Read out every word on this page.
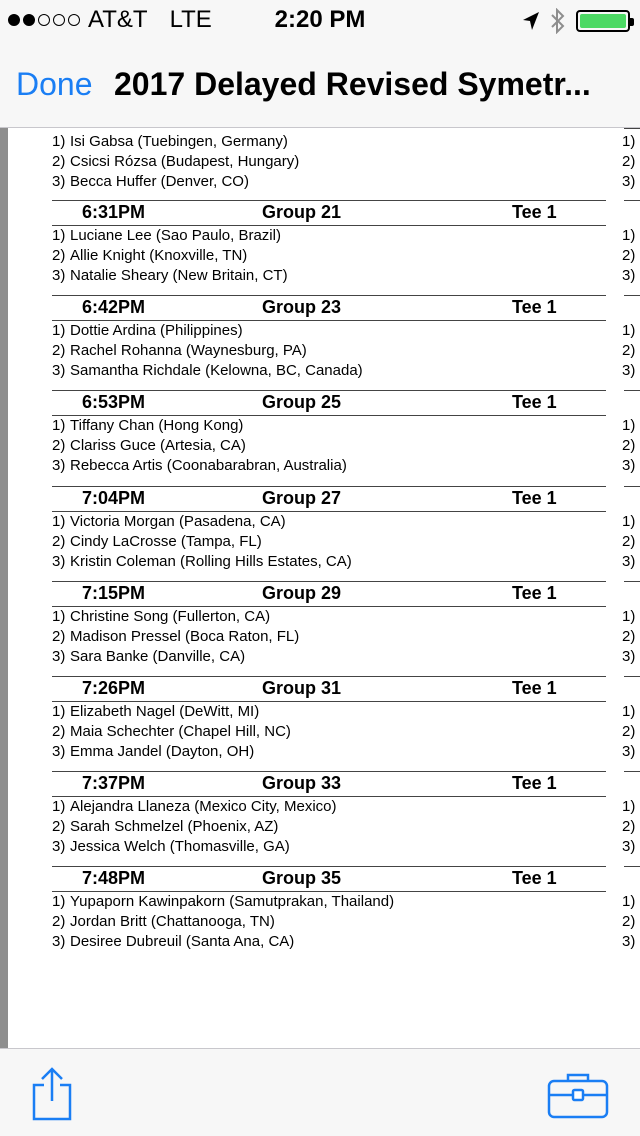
AT&T LTE	2:20 PM
Done 2017 Delayed Revised Symetr...
1) Isi Gabsa (Tuebingen, Germany)
2) Csicsi Rózsa (Budapest, Hungary)
3) Becca Huffer (Denver, CO)
1)
2)
3)
6:31PM	Group 21	Tee 1
1) Luciane Lee (Sao Paulo, Brazil)
2) Allie Knight (Knoxville, TN)
3) Natalie Sheary (New Britain, CT)
1)
2)
3)
6:42PM	Group 23	Tee 1
1) Dottie Ardina (Philippines)
2) Rachel Rohanna (Waynesburg, PA)
3) Samantha Richdale (Kelowna, BC, Canada)
1)
2)
3)
6:53PM	Group 25	Tee 1
1) Tiffany Chan (Hong Kong)
2) Clariss Guce (Artesia, CA)
3) Rebecca Artis (Coonabarabran, Australia)
1)
2)
3)
7:04PM	Group 27	Tee 1
1) Victoria Morgan (Pasadena, CA)
2) Cindy LaCrosse (Tampa, FL)
3) Kristin Coleman (Rolling Hills Estates, CA)
1)
2)
3)
7:15PM	Group 29	Tee 1
1) Christine Song (Fullerton, CA)
2) Madison Pressel (Boca Raton, FL)
3) Sara Banke (Danville, CA)
1)
2)
3)
7:26PM	Group 31	Tee 1
1) Elizabeth Nagel (DeWitt, MI)
2) Maia Schechter (Chapel Hill, NC)
3) Emma Jandel (Dayton, OH)
1)
2)
3)
7:37PM	Group 33	Tee 1
1) Alejandra Llaneza (Mexico City, Mexico)
2) Sarah Schmelzel (Phoenix, AZ)
3) Jessica Welch (Thomasville, GA)
1)
2)
3)
7:48PM	Group 35	Tee 1
1) Yupaporn Kawinpakorn (Samutprakan, Thailand)
2) Jordan Britt (Chattanooga, TN)
3) Desiree Dubreuil (Santa Ana, CA)
1)
2)
3)
